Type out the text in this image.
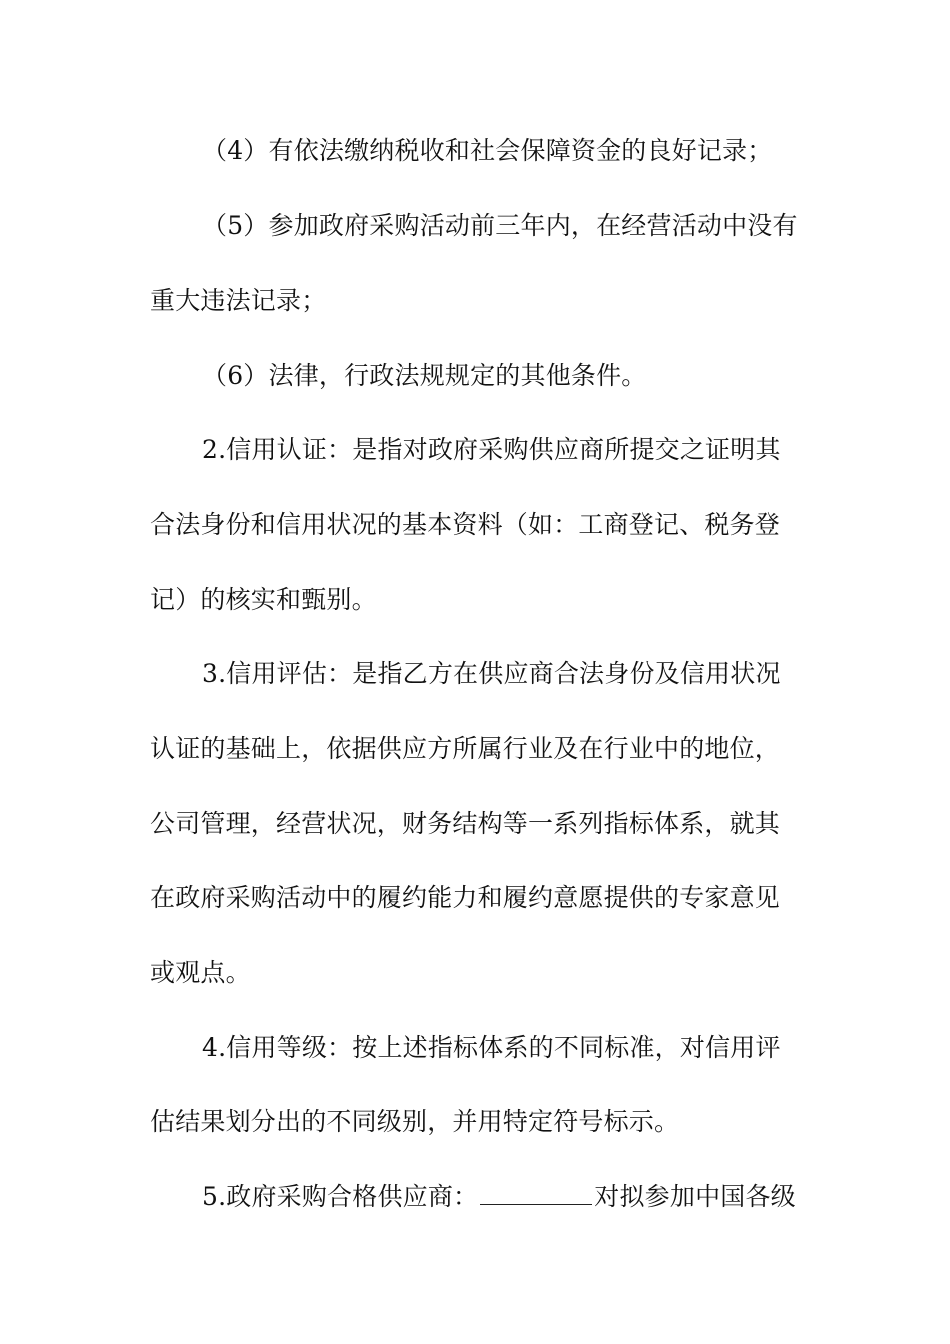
（4）有依法缴纳税收和社会保障资金的良好记录；
（5）参加政府采购活动前三年内，在经营活动中没有
重大违法记录；
（6）法律，行政法规规定的其他条件。
2.信用认证：是指对政府采购供应商所提交之证明其
合法身份和信用状况的基本资料（如：工商登记、税务登
记）的核实和甄别。
3.信用评估：是指乙方在供应商合法身份及信用状况
认证的基础上，依据供应方所属行业及在行业中的地位，
公司管理，经营状况，财务结构等一系列指标体系，就其
在政府采购活动中的履约能力和履约意愿提供的专家意见
或观点。
4.信用等级：按上述指标体系的不同标准，对信用评
估结果划分出的不同级别，并用特定符号标示。
5.政府采购合格供应商：	对拟参加中国各级
